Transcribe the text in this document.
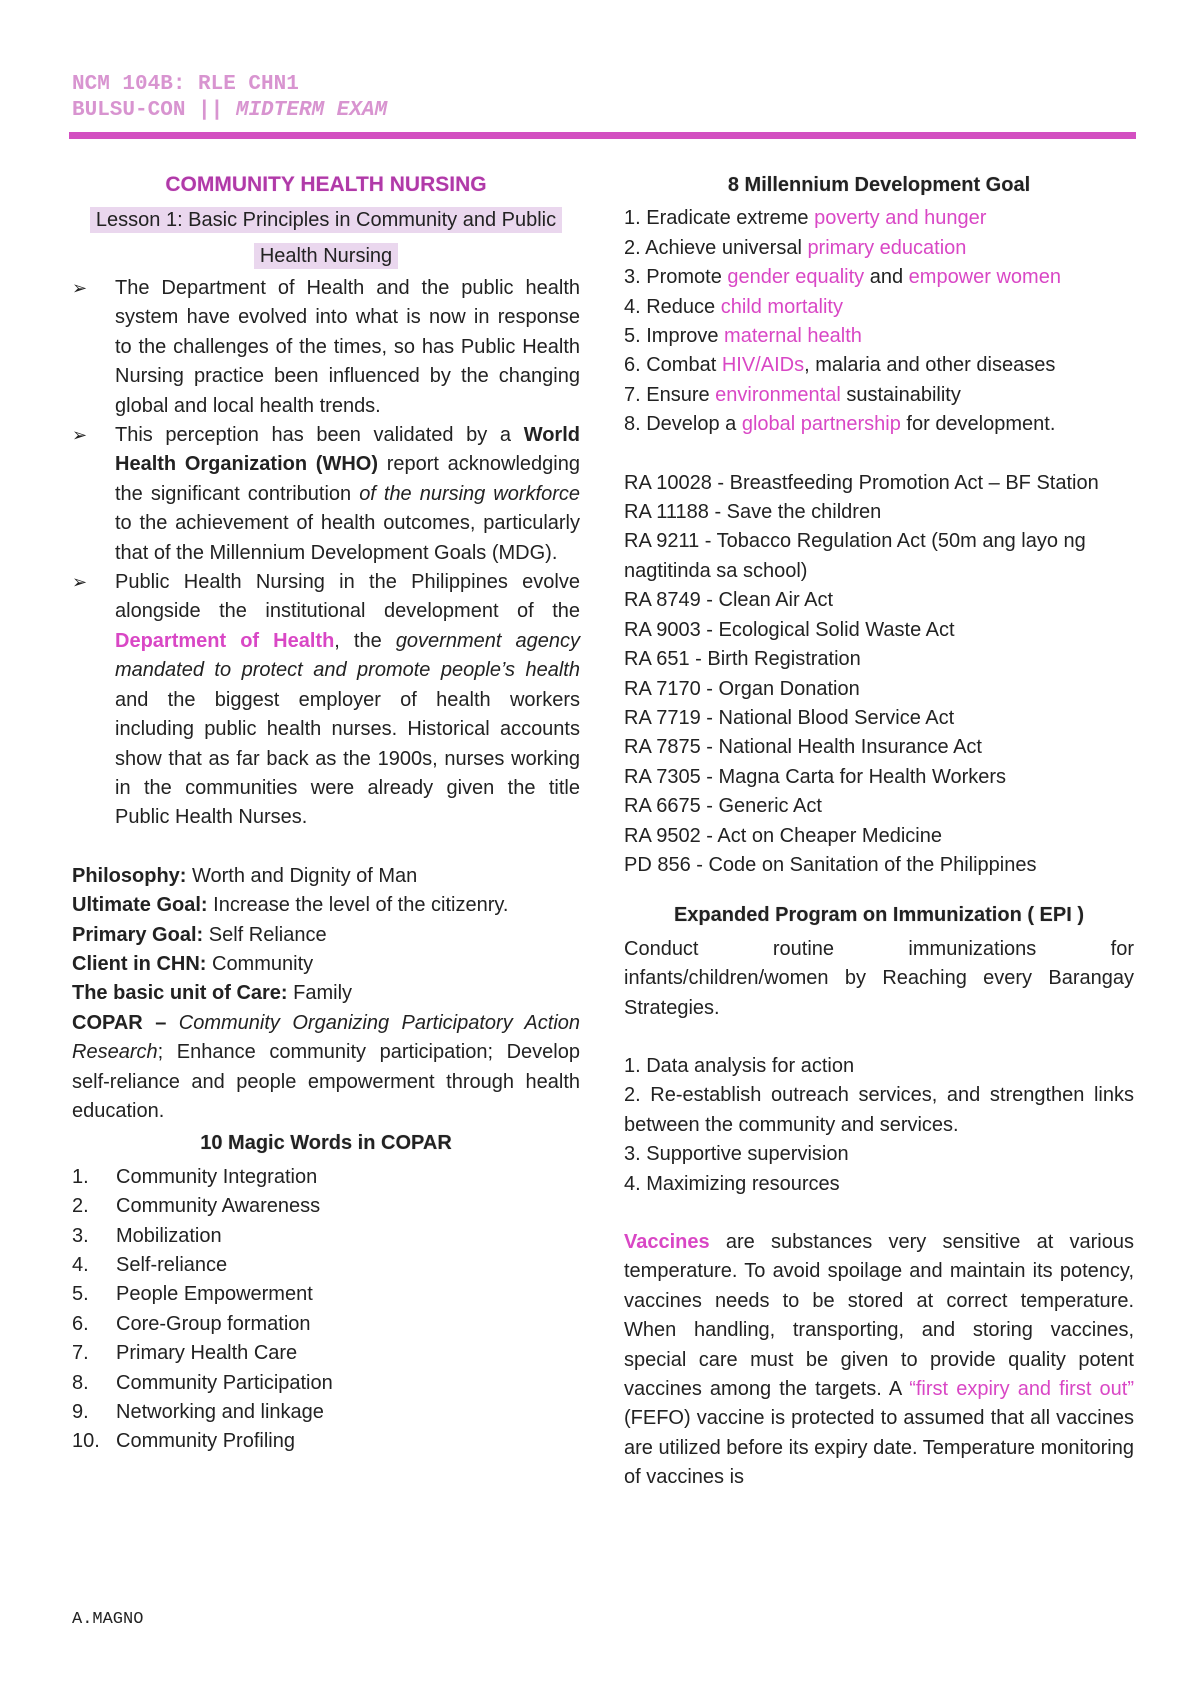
NCM 104B: RLE CHN1
BULSU-CON || MIDTERM EXAM
COMMUNITY HEALTH NURSING
Lesson 1: Basic Principles in Community and Public
Health Nursing
➢ The Department of Health and the public health system have evolved into what is now in response to the challenges of the times, so has Public Health Nursing practice been influenced by the changing global and local health trends.
➢ This perception has been validated by a World Health Organization (WHO) report acknowledging the significant contribution of the nursing workforce to the achievement of health outcomes, particularly that of the Millennium Development Goals (MDG).
➢ Public Health Nursing in the Philippines evolve alongside the institutional development of the Department of Health, the government agency mandated to protect and promote people’s health and the biggest employer of health workers including public health nurses. Historical accounts show that as far back as the 1900s, nurses working in the communities were already given the title Public Health Nurses.
Philosophy: Worth and Dignity of Man
Ultimate Goal: Increase the level of the citizenry.
Primary Goal: Self Reliance
Client in CHN: Community
The basic unit of Care: Family
COPAR – Community Organizing Participatory Action Research; Enhance community participation; Develop self-reliance and people empowerment through health education.
10 Magic Words in COPAR
1.	Community Integration
2.	Community Awareness
3.	Mobilization
4.	Self-reliance
5.	People Empowerment
6.	Core-Group formation
7.	Primary Health Care
8.	Community Participation
9.	Networking and linkage
10. Community Profiling
8 Millennium Development Goal
1. Eradicate extreme poverty and hunger
2. Achieve universal primary education
3. Promote gender equality and empower women
4. Reduce child mortality
5. Improve maternal health
6. Combat HIV/AIDs, malaria and other diseases
7. Ensure environmental sustainability
8. Develop a global partnership for development.
RA 10028 - Breastfeeding Promotion Act – BF Station
RA 11188 - Save the children
RA 9211 - Tobacco Regulation Act (50m ang layo ng nagtitinda sa school)
RA 8749 - Clean Air Act
RA 9003 - Ecological Solid Waste Act
RA 651 - Birth Registration
RA 7170 - Organ Donation
RA 7719 - National Blood Service Act
RA 7875 - National Health Insurance Act
RA 7305 - Magna Carta for Health Workers
RA 6675 - Generic Act
RA 9502 - Act on Cheaper Medicine
PD 856 - Code on Sanitation of the Philippines
Expanded Program on Immunization ( EPI )
Conduct routine immunizations for infants/children/women by Reaching every Barangay Strategies.
1. Data analysis for action
2. Re-establish outreach services, and strengthen links between the community and services.
3. Supportive supervision
4. Maximizing resources
Vaccines are substances very sensitive at various temperature. To avoid spoilage and maintain its potency, vaccines needs to be stored at correct temperature. When handling, transporting, and storing vaccines, special care must be given to provide quality potent vaccines among the targets. A “first expiry and first out” (FEFO) vaccine is protected to assumed that all vaccines are utilized before its expiry date. Temperature monitoring of vaccines is
A.MAGNO
